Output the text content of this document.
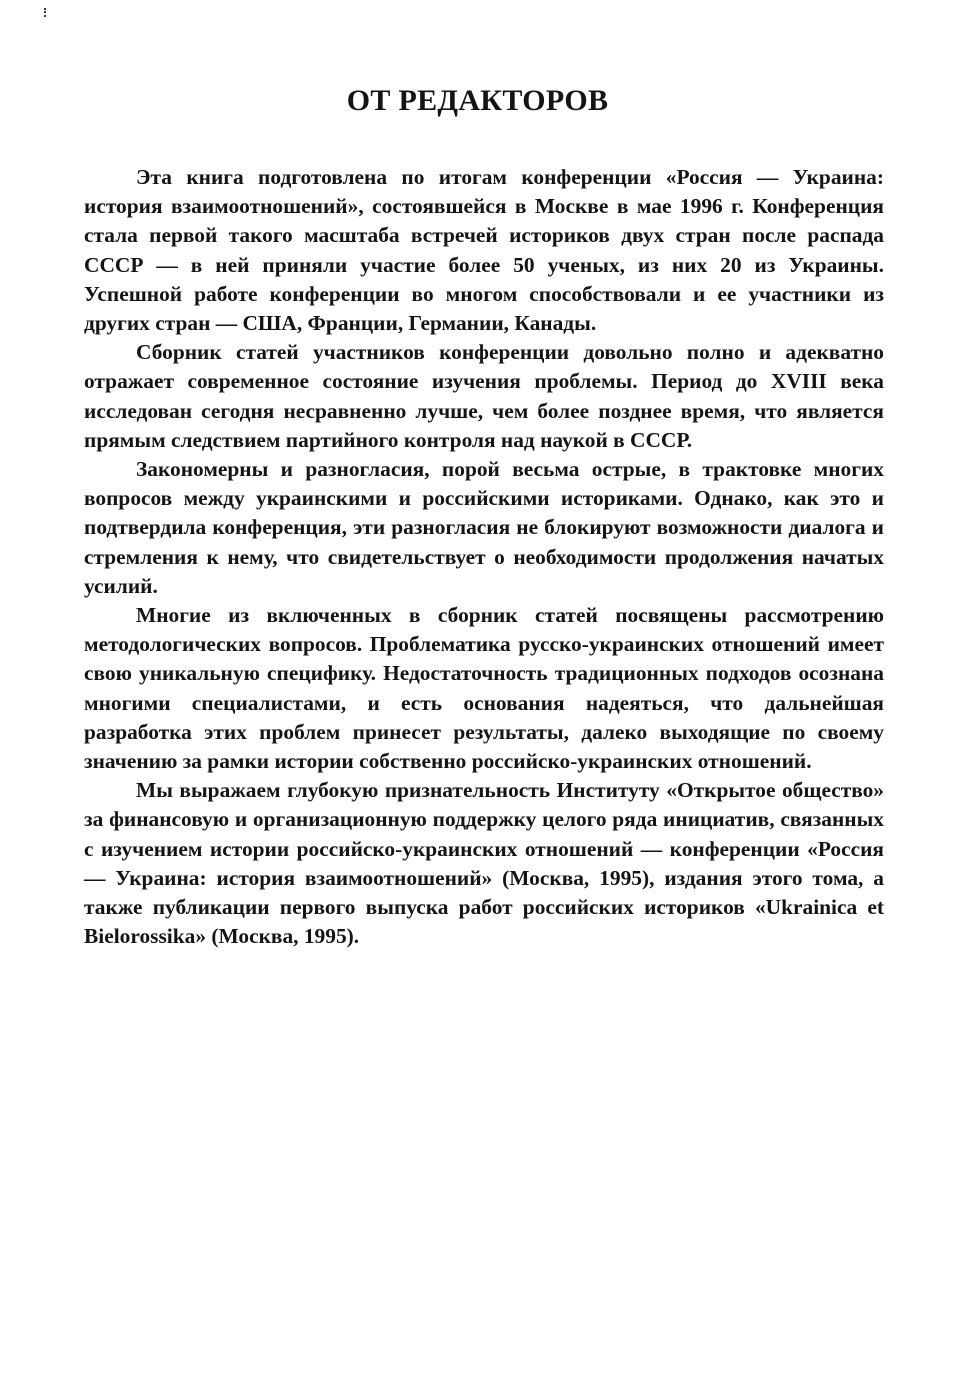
ОТ РЕДАКТОРОВ

Эта книга подготовлена по итогам конференции «Россия — Украина: история взаимоотношений», состоявшейся в Москве в мае 1996 г. Конференция стала первой такого масштаба встречей историков двух стран после распада СССР — в ней приняли участие более 50 ученых, из них 20 из Украины. Успешной работе конференции во многом способствовали и ее участники из других стран — США, Франции, Германии, Канады.

Сборник статей участников конференции довольно полно и адекватно отражает современное состояние изучения проблемы. Период до XVIII века исследован сегодня несравненно лучше, чем более позднее время, что является прямым следствием партийного контроля над наукой в СССР.

Закономерны и разногласия, порой весьма острые, в трактовке многих вопросов между украинскими и российскими историками. Однако, как это и подтвердила конференция, эти разногласия не блокируют возможности диалога и стремления к нему, что свидетельствует о необходимости продолжения начатых усилий.

Многие из включенных в сборник статей посвящены рассмотрению методологических вопросов. Проблематика русско-украинских отношений имеет свою уникальную специфику. Недостаточность традиционных подходов осознана многими специалистами, и есть основания надеяться, что дальнейшая разработка этих проблем принесет результаты, далеко выходящие по своему значению за рамки истории собственно российско-украинских отношений.

Мы выражаем глубокую признательность Институту «Открытое общество» за финансовую и организационную поддержку целого ряда инициатив, связанных с изучением истории российско-украинских отношений — конференции «Россия — Украина: история взаимоотношений» (Москва, 1995), издания этого тома, а также публикации первого выпуска работ российских историков «Ukrainica et Bielorossika» (Москва, 1995).
